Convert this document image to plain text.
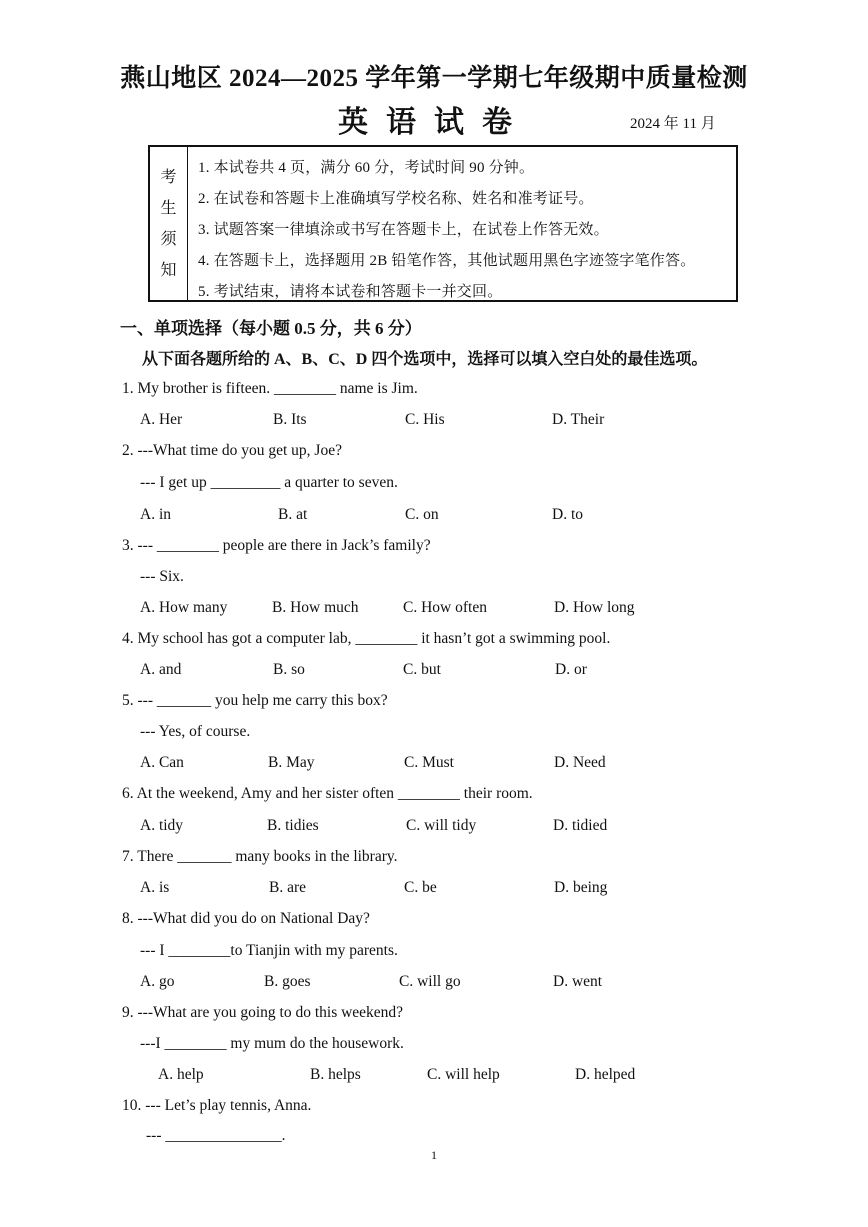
燕山地区 2024—2025 学年第一学期七年级期中质量检测
英语试卷	2024 年 11 月
考
生
须
知
1. 本试卷共 4 页，满分 60 分，考试时间 90 分钟。
2. 在试卷和答题卡上准确填写学校名称、姓名和准考证号。
3. 试题答案一律填涂或书写在答题卡上，在试卷上作答无效。
4. 在答题卡上，选择题用 2B 铅笔作答，其他试题用黑色字迹签字笔作答。
5. 考试结束，请将本试卷和答题卡一并交回。
一、单项选择（每小题 0.5 分，共 6 分）
从下面各题所给的 A、B、C、D 四个选项中，选择可以填入空白处的最佳选项。
1. My brother is fifteen. ________ name is Jim.
A. Her	B. Its	C. His	D. Their
2. ---What time do you get up, Joe?
--- I get up _________ a quarter to seven.
A. in	B. at	C. on	D. to
3. --- ________ people are there in Jack’s family?
--- Six.
A. How many	B. How much	C. How often	D. How long
4. My school has got a computer lab, ________ it hasn’t got a swimming pool.
A. and	B. so	C. but	D. or
5. --- _______ you help me carry this box?
--- Yes, of course.
A. Can	B. May	C. Must	D. Need
6. At the weekend, Amy and her sister often ________ their room.
A. tidy	B. tidies	C. will tidy	D. tidied
7. There _______ many books in the library.
A. is	B. are	C. be	D. being
8. ---What did you do on National Day?
--- I ________to Tianjin with my parents.
A. go	B. goes	C. will go	D. went
9. ---What are you going to do this weekend?
---I ________ my mum do the housework.
A. help	B. helps	C. will help	D. helped
10. --- Let’s play tennis, Anna.
--- _______________.
1
